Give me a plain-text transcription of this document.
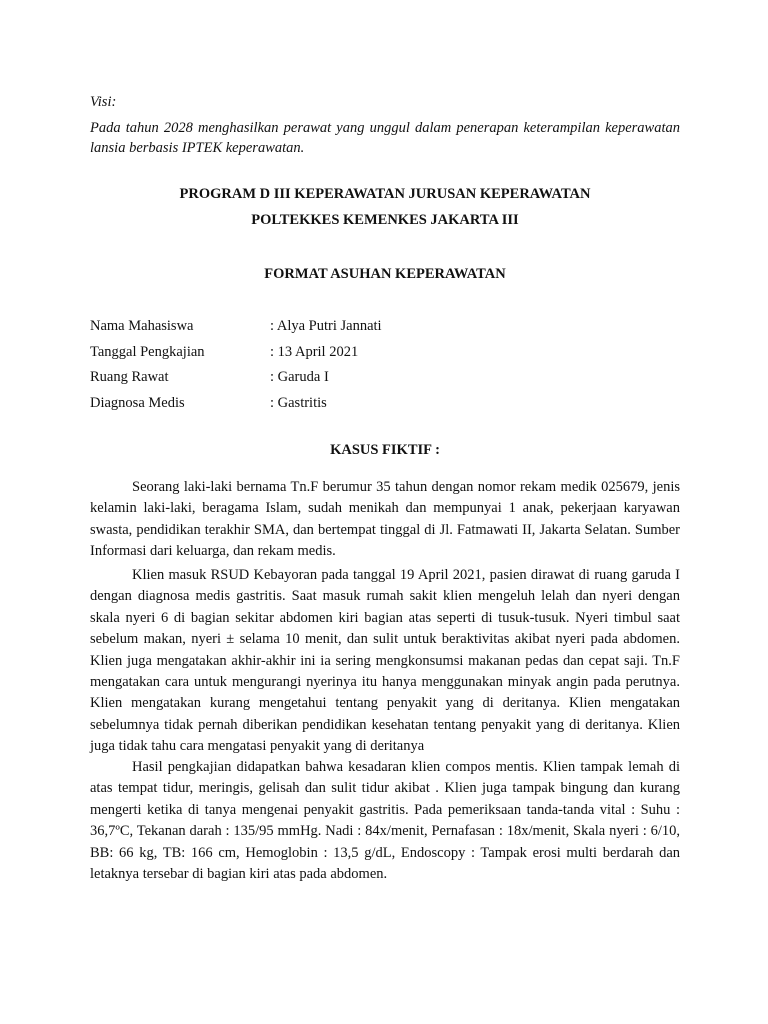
Visi:
Pada tahun 2028 menghasilkan perawat yang unggul dalam penerapan keterampilan keperawatan lansia berbasis IPTEK keperawatan.
PROGRAM D III KEPERAWATAN JURUSAN KEPERAWATAN
POLTEKKES KEMENKES JAKARTA III
FORMAT ASUHAN KEPERAWATAN
Nama Mahasiswa	: Alya Putri Jannati
Tanggal Pengkajian	: 13 April 2021
Ruang Rawat	: Garuda I
Diagnosa Medis	: Gastritis
KASUS FIKTIF :

Seorang laki-laki bernama Tn.F berumur 35 tahun dengan nomor rekam medik 025679, jenis kelamin laki-laki, beragama Islam, sudah menikah dan mempunyai 1 anak, pekerjaan karyawan swasta, pendidikan terakhir SMA, dan bertempat tinggal di Jl. Fatmawati II, Jakarta Selatan. Sumber Informasi dari keluarga, dan rekam medis.

Klien masuk RSUD Kebayoran pada tanggal 19 April 2021, pasien dirawat di ruang garuda I dengan diagnosa medis gastritis. Saat masuk rumah sakit klien mengeluh lelah dan nyeri dengan skala nyeri 6 di bagian sekitar abdomen kiri bagian atas seperti di tusuk-tusuk. Nyeri timbul saat sebelum makan, nyeri ± selama 10 menit, dan sulit untuk beraktivitas akibat nyeri pada abdomen. Klien juga mengatakan akhir-akhir ini ia sering mengkonsumsi makanan pedas dan cepat saji. Tn.F mengatakan cara untuk mengurangi nyerinya itu hanya menggunakan minyak angin pada perutnya. Klien mengatakan kurang mengetahui tentang penyakit yang di deritanya. Klien mengatakan sebelumnya tidak pernah diberikan pendidikan kesehatan tentang penyakit yang di deritanya. Klien juga tidak tahu cara mengatasi penyakit yang di deritanya

Hasil pengkajian didapatkan bahwa kesadaran klien compos mentis. Klien tampak lemah di atas tempat tidur, meringis, gelisah dan sulit tidur akibat . Klien juga tampak bingung dan kurang mengerti ketika di tanya mengenai penyakit gastritis. Pada pemeriksaan tanda-tanda vital : Suhu : 36,7ºC, Tekanan darah : 135/95 mmHg. Nadi : 84x/menit, Pernafasan : 18x/menit, Skala nyeri : 6/10, BB: 66 kg, TB: 166 cm, Hemoglobin : 13,5 g/dL, Endoscopy : Tampak erosi multi berdarah dan letaknya tersebar di bagian kiri atas pada abdomen.
